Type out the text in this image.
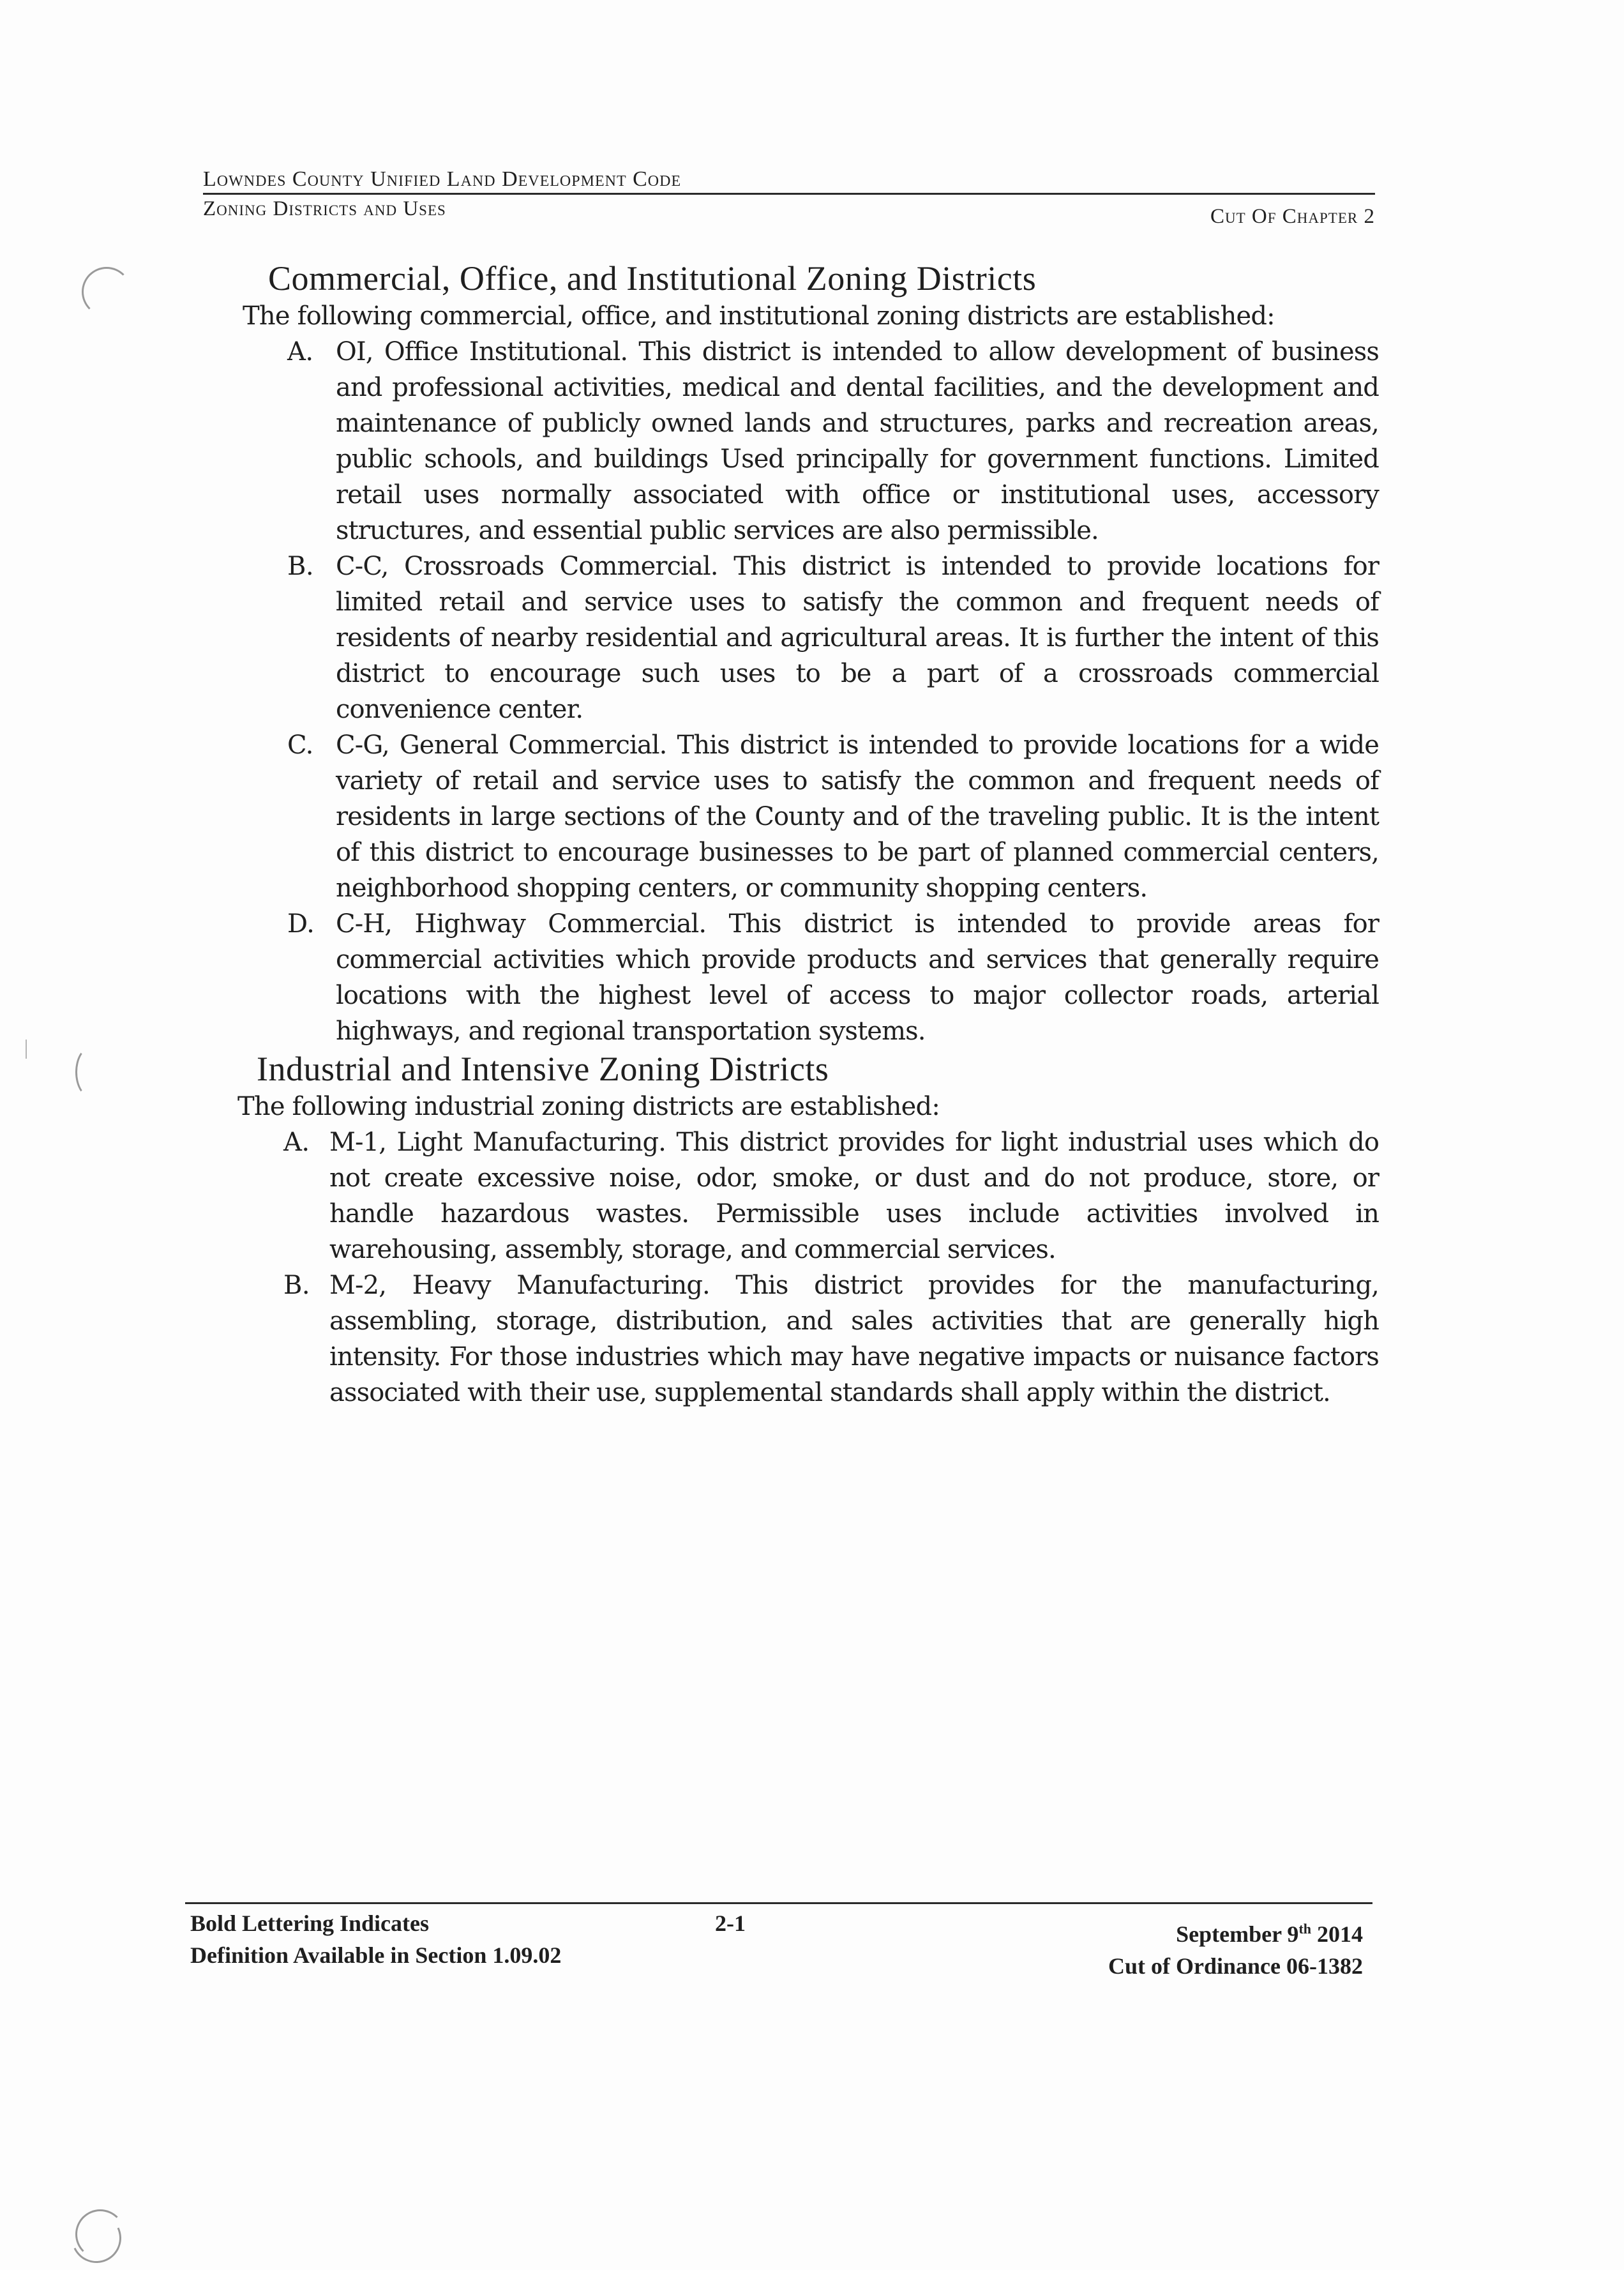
Lowndes County Unified Land Development Code
Zoning Districts and Uses	Cut Of Chapter 2
Commercial, Office, and Institutional Zoning Districts

The following commercial, office, and institutional zoning districts are established:

A. OI, Office Institutional. This district is intended to allow development of business and professional activities, medical and dental facilities, and the development and maintenance of publicly owned lands and structures, parks and recreation areas, public schools, and buildings Used principally for government functions. Limited retail uses normally associated with office or institutional uses, accessory structures, and essential public services are also permissible.
B. C-C, Crossroads Commercial. This district is intended to provide locations for limited retail and service uses to satisfy the common and frequent needs of residents of nearby residential and agricultural areas. It is further the intent of this district to encourage such uses to be a part of a crossroads commercial convenience center.
C. C-G, General Commercial. This district is intended to provide locations for a wide variety of retail and service uses to satisfy the common and frequent needs of residents in large sections of the County and of the traveling public. It is the intent of this district to encourage businesses to be part of planned commercial centers, neighborhood shopping centers, or community shopping centers.
D. C-H, Highway Commercial. This district is intended to provide areas for commercial activities which provide products and services that generally require locations with the highest level of access to major collector roads, arterial highways, and regional transportation systems.
Industrial and Intensive Zoning Districts

The following industrial zoning districts are established:

A. M-1, Light Manufacturing. This district provides for light industrial uses which do not create excessive noise, odor, smoke, or dust and do not produce, store, or handle hazardous wastes. Permissible uses include activities involved in warehousing, assembly, storage, and commercial services.
B. M-2, Heavy Manufacturing. This district provides for the manufacturing, assembling, storage, distribution, and sales activities that are generally high intensity. For those industries which may have negative impacts or nuisance factors associated with their use, supplemental standards shall apply within the district.
Bold Lettering Indicates
Definition Available in Section 1.09.02
2-1	September 9th 2014
Cut of Ordinance 06-1382
